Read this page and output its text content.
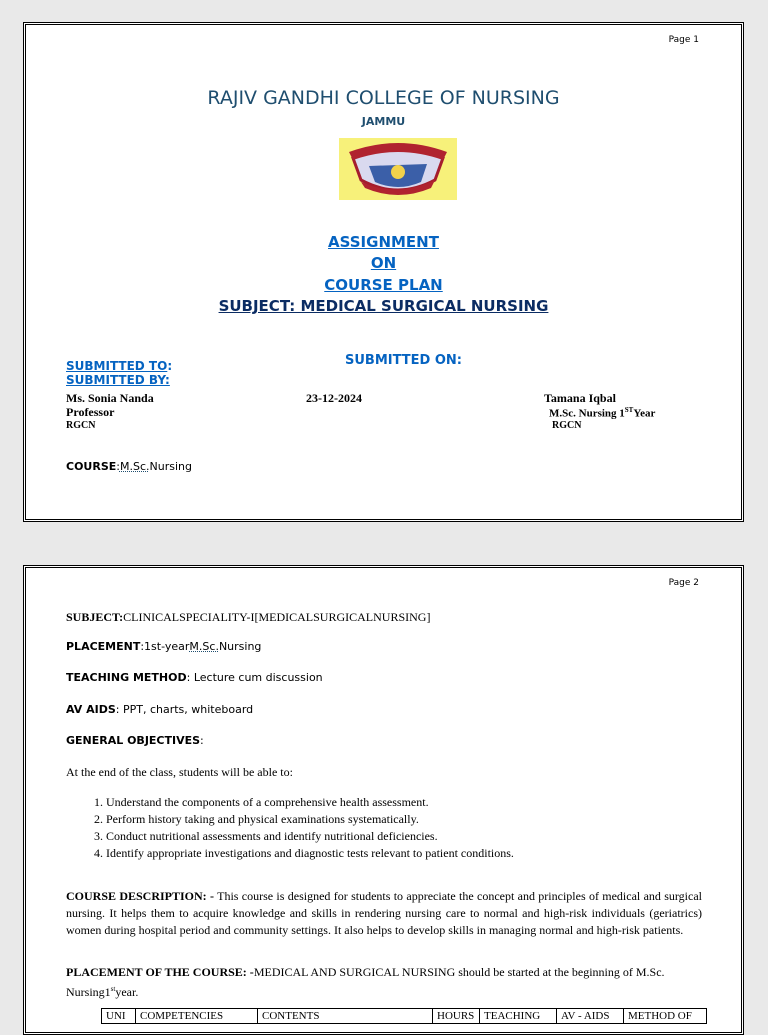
Page 1
RAJIV GANDHI COLLEGE OF NURSING
JAMMU
ASSIGNMENT
ON
COURSE PLAN
SUBJECT: MEDICAL SURGICAL NURSING
SUBMITTED TO:
SUBMITTED BY:
SUBMITTED ON:
Ms. Sonia Nanda
Professor
RGCN
23-12-2024	Tamana Iqbal
M.Sc. Nursing 1STYear
RGCN
COURSE:M.Sc.Nursing
Page 2
SUBJECT:CLINICALSPECIALITY-I[MEDICALSURGICALNURSING]
PLACEMENT:1st-yearM.Sc.Nursing
TEACHING METHOD: Lecture cum discussion
AV AIDS: PPT, charts, whiteboard
GENERAL OBJECTIVES:
At the end of the class, students will be able to:
1. Understand the components of a comprehensive health assessment.
2. Perform history taking and physical examinations systematically.
3. Conduct nutritional assessments and identify nutritional deficiencies.
4. Identify appropriate investigations and diagnostic tests relevant to patient conditions.
COURSE DESCRIPTION: - This course is designed for students to appreciate the concept and principles of medical and surgical nursing. It helps them to acquire knowledge and skills in rendering nursing care to normal and high-risk individuals (geriatrics) women during hospital period and community settings. It also helps to develop skills in managing normal and high-risk patients.
PLACEMENT OF THE COURSE: -MEDICAL AND SURGICAL NURSING should be started at the beginning of M.Sc. Nursing1styear.
UNI	COMPETENCIES	CONTENTS	HOURS	TEACHING	AV - AIDS	METHOD OF
